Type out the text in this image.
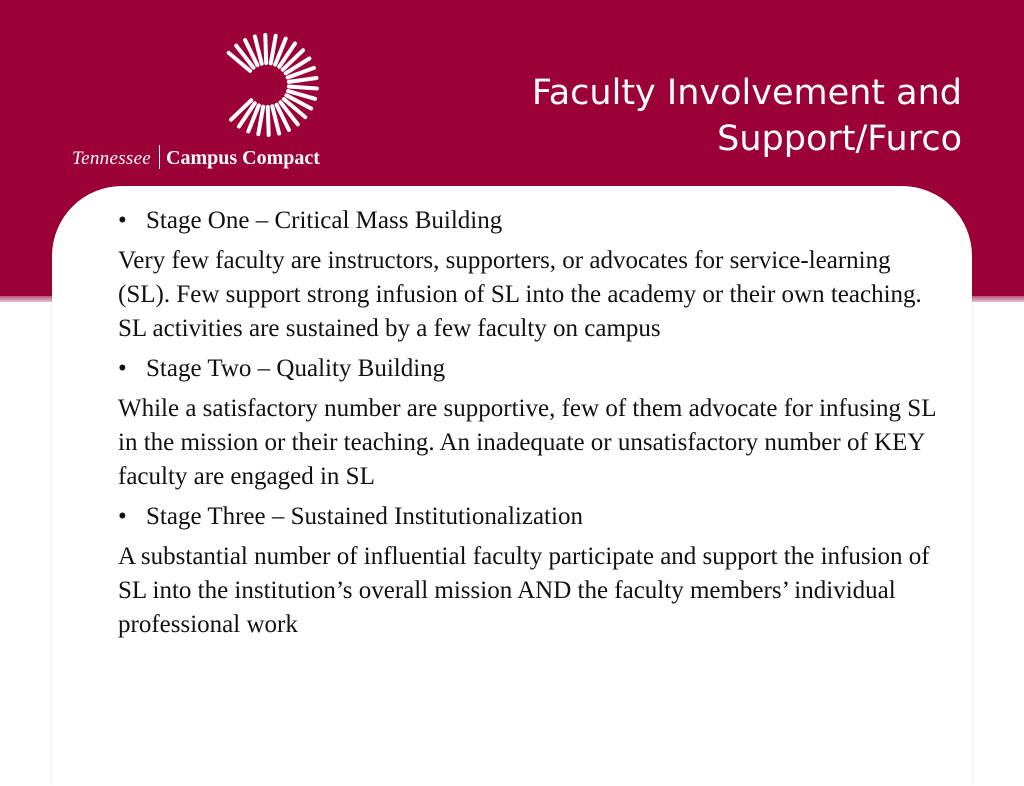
Tennessee Campus Compact
Faculty Involvement and
Support/Furco
• Stage One – Critical Mass Building

Very few faculty are instructors, supporters, or advocates for service-learning (SL). Few support strong infusion of SL into the academy or their own teaching. SL activities are sustained by a few faculty on campus

• Stage Two – Quality Building

While a satisfactory number are supportive, few of them advocate for infusing SL in the mission or their teaching. An inadequate or unsatisfactory number of KEY faculty are engaged in SL

• Stage Three – Sustained Institutionalization

A substantial number of influential faculty participate and support the infusion of SL into the institution’s overall mission AND the faculty members’ individual professional work
